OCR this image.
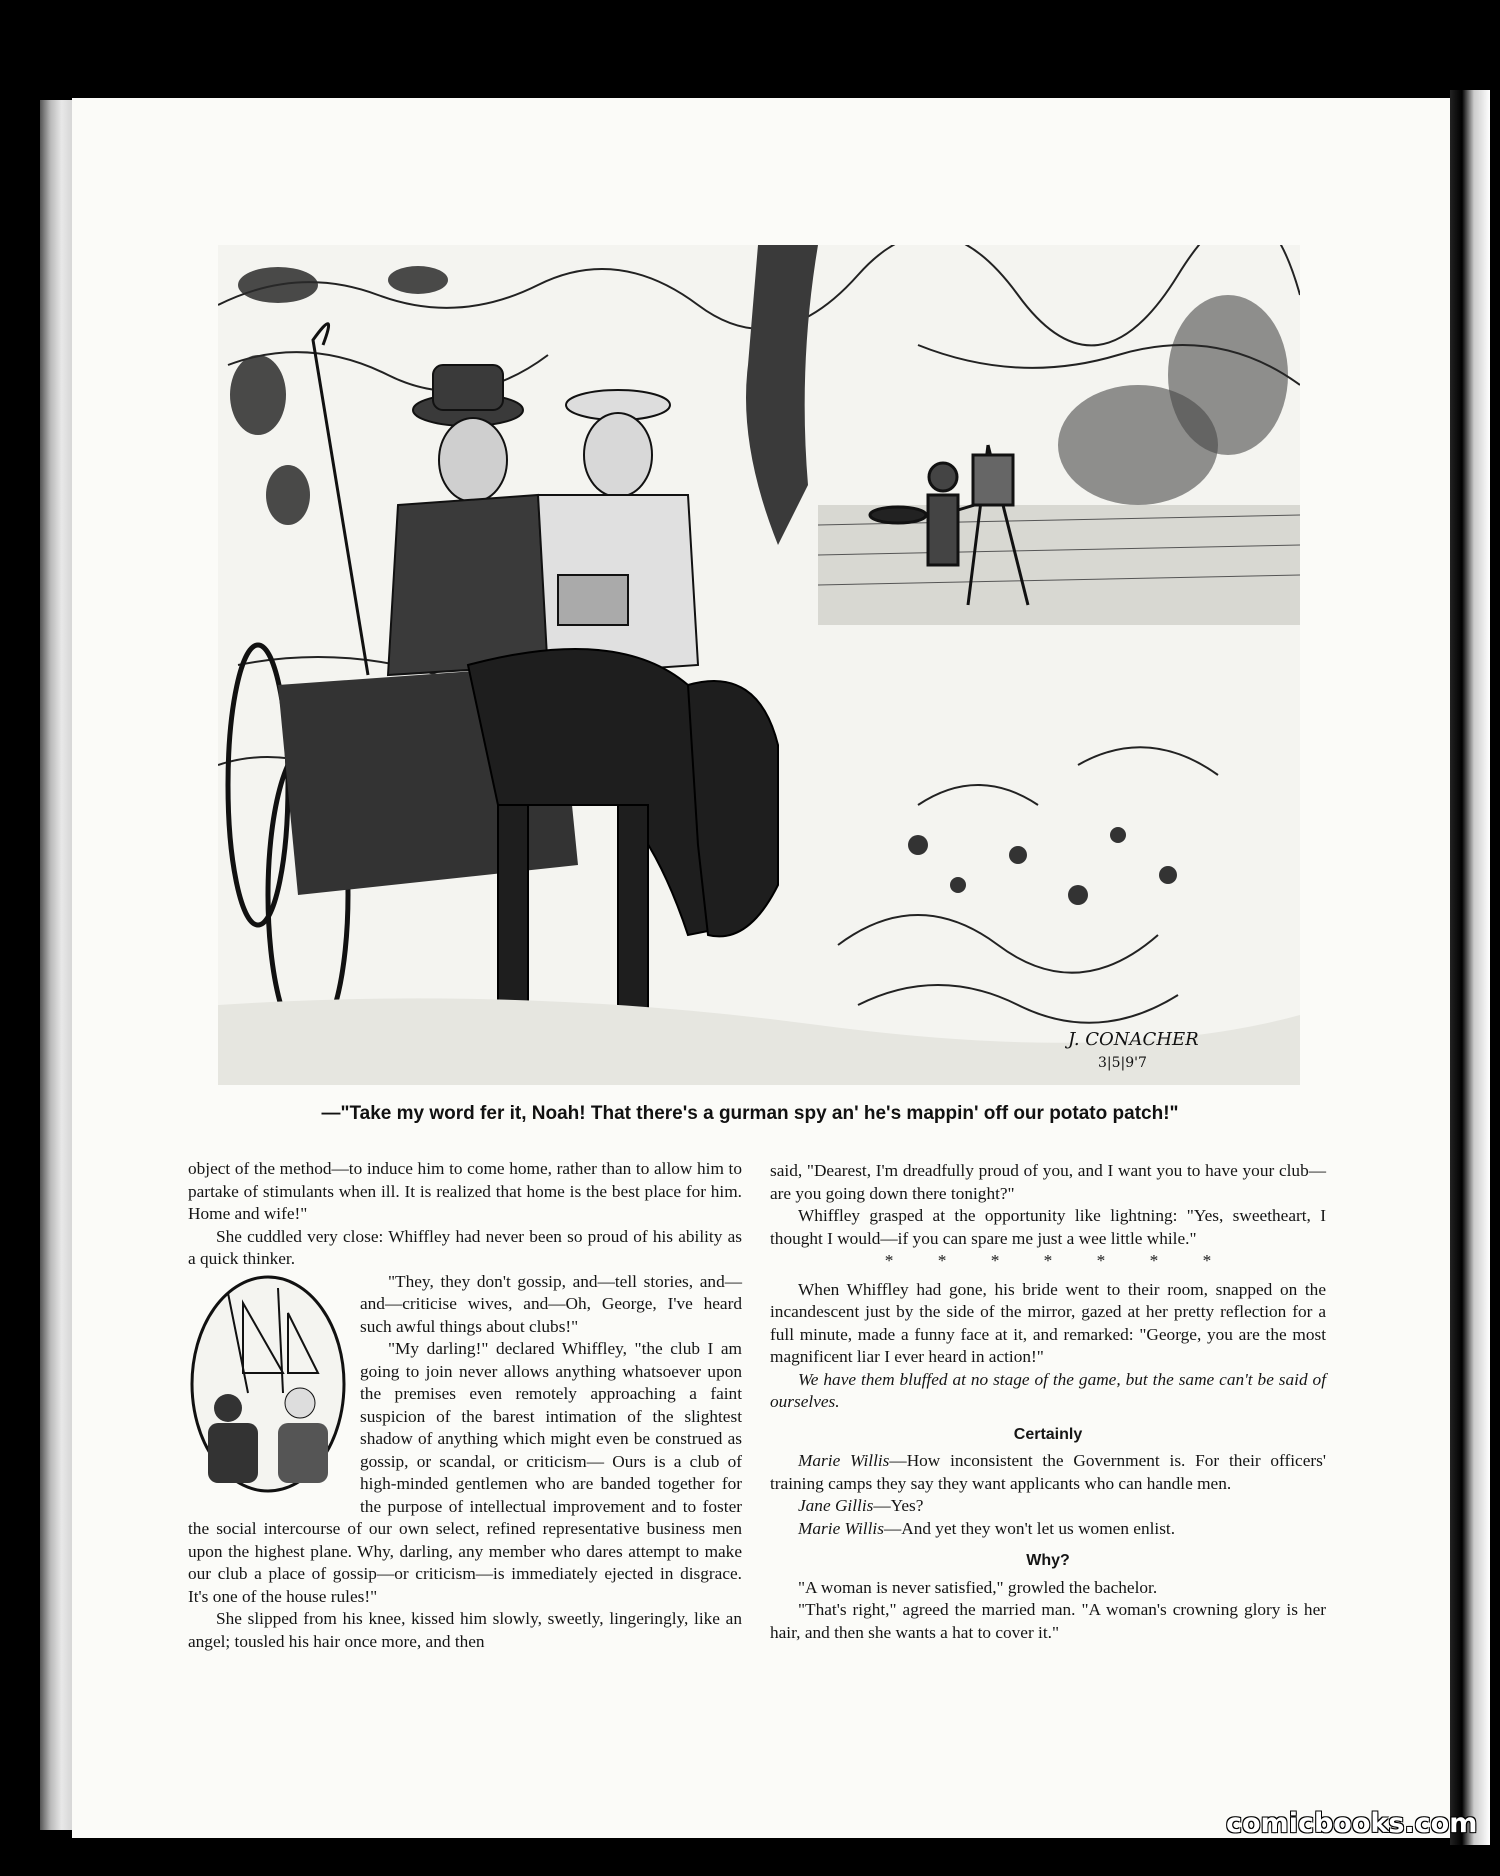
J. CONACHER
3|5|9'7
—"Take my word fer it, Noah! That there's a gurman spy an' he's mappin' off our potato patch!"

object of the method—to induce him to come home, rather than to allow him to partake of stimulants when ill. It is realized that home is the best place for him. Home and wife!"

She cuddled very close: Whiffley had never been so proud of his ability as a quick thinker.

"They, they don't gossip, and—tell stories, and—and—criticise wives, and—Oh, George, I've heard such awful things about clubs!"

"My darling!" declared Whiffley, "the club I am going to join never allows anything whatsoever upon the premises even remotely approaching a faint suspicion of the barest intimation of the slightest shadow of anything which might even be construed as gossip, or scandal, or criticism— Ours is a club of high-minded gentlemen who are banded together for the purpose of intellectual improvement and to foster the social intercourse of our own select, refined representative business men upon the highest plane. Why, darling, any member who dares attempt to make our club a place of gossip—or criticism—is immediately ejected in disgrace. It's one of the house rules!"

She slipped from his knee, kissed him slowly, sweetly, lingeringly, like an angel; tousled his hair once more, and then

said, "Dearest, I'm dreadfully proud of you, and I want you to have your club—are you going down there tonight?"

Whiffley grasped at the opportunity like lightning: "Yes, sweetheart, I thought I would—if you can spare me just a wee little while."

* * * * * * *

When Whiffley had gone, his bride went to their room, snapped on the incandescent just by the side of the mirror, gazed at her pretty reflection for a full minute, made a funny face at it, and remarked: "George, you are the most magnificent liar I ever heard in action!"

We have them bluffed at no stage of the game, but the same can't be said of ourselves.

Certainly

Marie Willis—How inconsistent the Government is. For their officers' training camps they say they want applicants who can handle men.

Jane Gillis—Yes?

Marie Willis—And yet they won't let us women enlist.

Why?

"A woman is never satisfied," growled the bachelor.

"That's right," agreed the married man. "A woman's crowning glory is her hair, and then she wants a hat to cover it."

comicbooks.com
